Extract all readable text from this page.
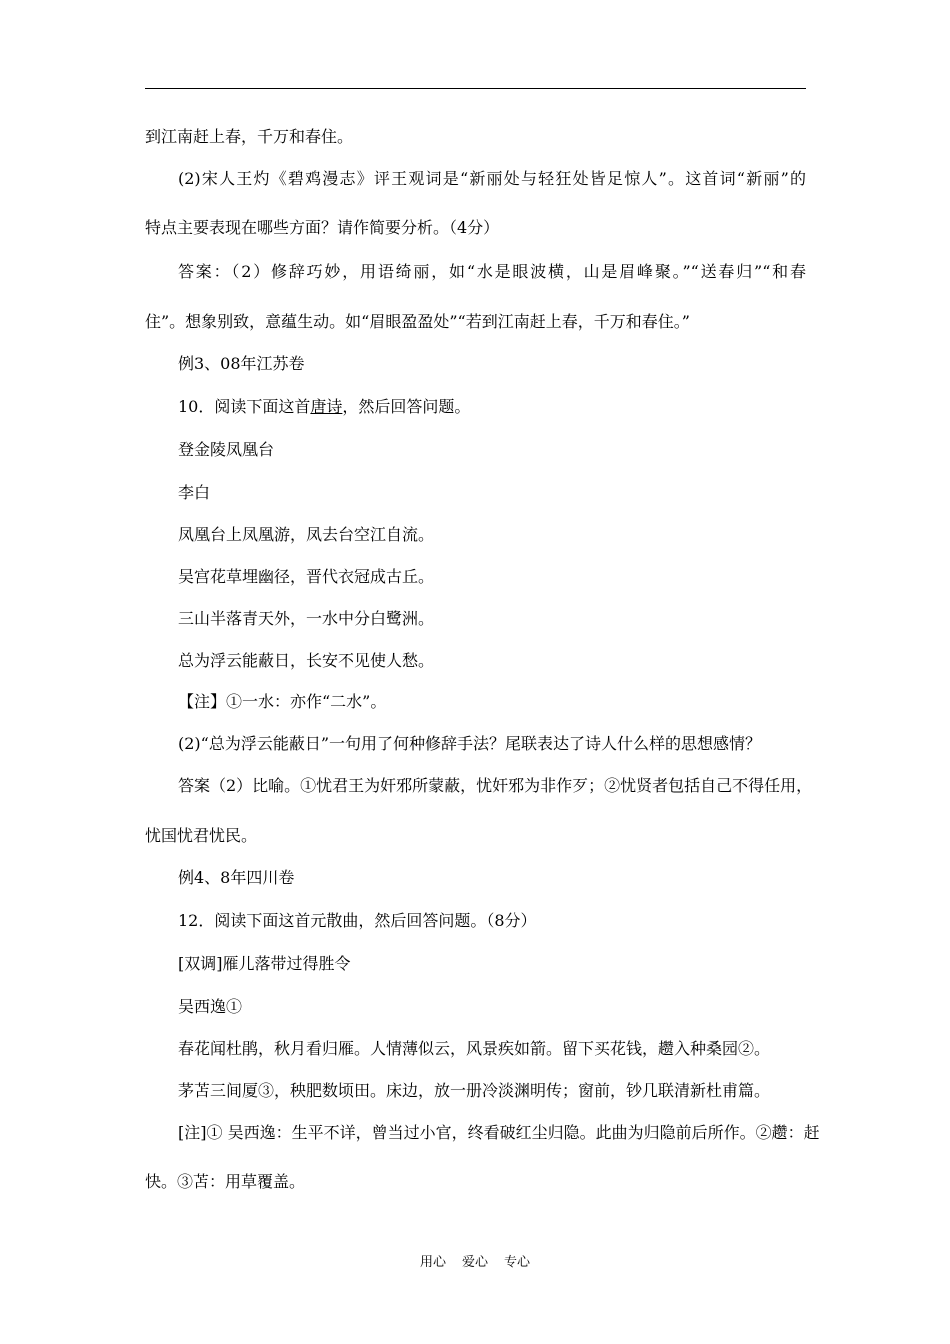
到江南赶上春，千万和春住。
(2)宋人王灼《碧鸡漫志》评王观词是“新丽处与轻狂处皆足惊人”。这首词“新丽”的
特点主要表现在哪些方面？请作简要分析。（4分）
答案：（2）修辞巧妙，用语绮丽，如“水是眼波横，山是眉峰聚。”“送春归”“和春
住”。想象别致，意蕴生动。如“眉眼盈盈处”“若到江南赶上春，千万和春住。”
例3、08年江苏卷
10．阅读下面这首唐诗，然后回答问题。
登金陵凤凰台
李白
凤凰台上凤凰游，凤去台空江自流。
吴宫花草埋幽径，晋代衣冠成古丘。
三山半落青天外，一水中分白鹭洲。
总为浮云能蔽日，长安不见使人愁。
【注】①一水：亦作“二水”。
(2)“总为浮云能蔽日”一句用了何种修辞手法？尾联表达了诗人什么样的思想感情？
答案（2）比喻。①忧君王为奸邪所蒙蔽，忧奸邪为非作歹；②忧贤者包括自己不得任用，
忧国忧君忧民。
例4、8年四川卷
12．阅读下面这首元散曲，然后回答问题。（8分）
[双调]雁儿落带过得胜令
吴西逸①
春花闻杜鹃，秋月看归雁。人情薄似云，风景疾如箭。留下买花钱，趱入种桑园②。
茅苫三间厦③，秧肥数顷田。床边，放一册冷淡渊明传；窗前，钞几联清新杜甫篇。
[注]① 吴西逸：生平不详，曾当过小官，终看破红尘归隐。此曲为归隐前后所作。②趱：赶
快。③苫：用草覆盖。
用心 爱心 专心
